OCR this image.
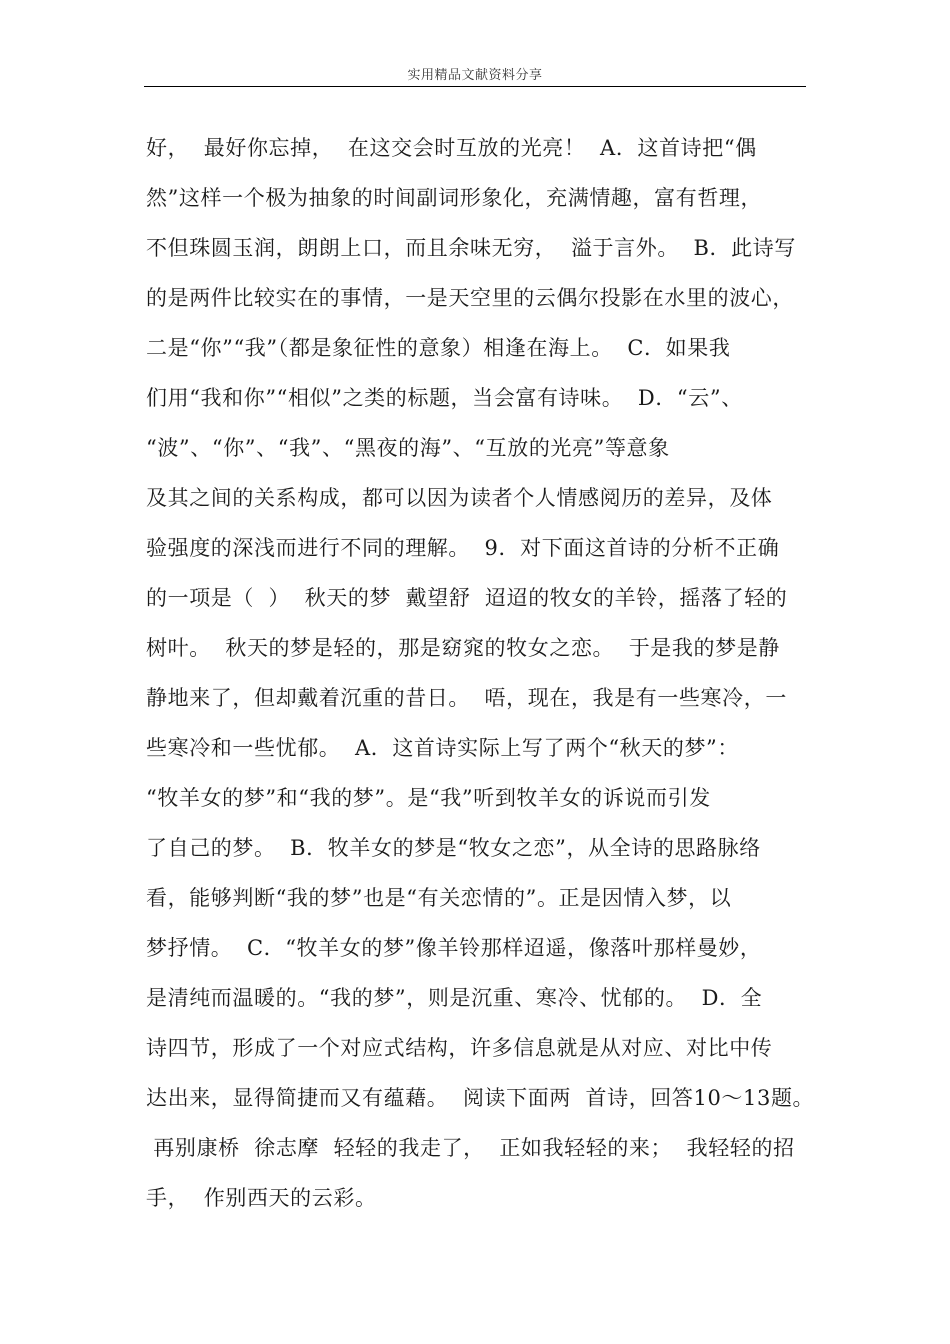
实用精品文献资料分享
好，  最好你忘掉，  在这交会时互放的光亮！  A．这首诗把“偶
然”这样一个极为抽象的时间副词形象化，充满情趣，富有哲理，
不但珠圆玉润，朗朗上口，而且余味无穷，  溢于言外。  B．此诗写
的是两件比较实在的事情，一是天空里的云偶尔投影在水里的波心，
二是“你”“我”（都是象征性的意象）相逢在海上。  C．如果我
们用“我和你”“相似”之类的标题，当会富有诗味。  D．“云”、
“波”、“你”、“我”、“黑夜的海”、“互放的光亮”等意象
及其之间的关系构成，都可以因为读者个人情感阅历的差异，及体
验强度的深浅而进行不同的理解。  9．对下面这首诗的分析不正确
的一项是（  ）  秋天的梦  戴望舒  迢迢的牧女的羊铃，摇落了轻的
树叶。  秋天的梦是轻的，那是窈窕的牧女之恋。  于是我的梦是静
静地来了，但却戴着沉重的昔日。  唔，现在，我是有一些寒冷，一
些寒冷和一些忧郁。  A．这首诗实际上写了两个“秋天的梦”：
“牧羊女的梦”和“我的梦”。是“我”听到牧羊女的诉说而引发
了自己的梦。  B．牧羊女的梦是“牧女之恋”，从全诗的思路脉络
看，能够判断“我的梦”也是“有关恋情的”。正是因情入梦，以
梦抒情。  C．“牧羊女的梦”像羊铃那样迢遥，像落叶那样曼妙，
是清纯而温暖的。“我的梦”，则是沉重、寒冷、忧郁的。  D．全
诗四节，形成了一个对应式结构，许多信息就是从对应、对比中传
达出来，显得简捷而又有蕴藉。  阅读下面两  首诗，回答10～13题。
再别康桥  徐志摩  轻轻的我走了，  正如我轻轻的来；  我轻轻的招
手，  作别西天的云彩。
